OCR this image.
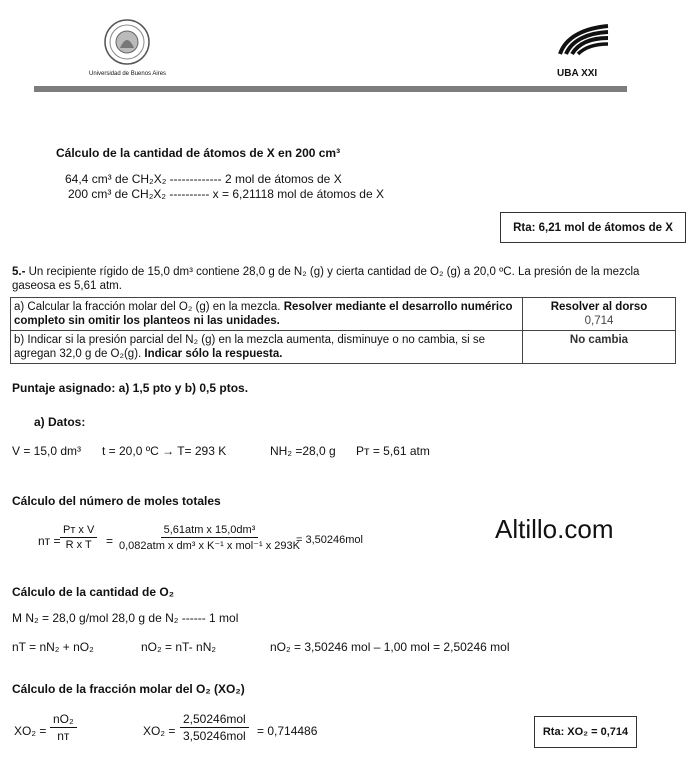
Universidad de Buenos Aires	UBA XXI
Cálculo de la cantidad de átomos de X en 200 cm³
64,4 cm³ de CH₂X₂ ------------- 2 mol de átomos de X
200 cm³ de CH₂X₂ ---------- x = 6,21118 mol de átomos de X
Rta: 6,21 mol de átomos de X
5.- Un recipiente rígido de 15,0 dm³ contiene 28,0 g de N₂ (g) y cierta cantidad de O₂ (g) a 20,0 ºC. La presión de la mezcla
gaseosa es 5,61 atm.
a) Calcular la fracción molar del O₂ (g) en la mezcla. Resolver mediante el desarrollo numérico completo sin omitir los planteos ni las unidades.	Resolver al dorso
0,714

b) Indicar si la presión parcial del N₂ (g) en la mezcla aumenta, disminuye o no cambia, si se agregan 32,0 g de O₂(g). Indicar sólo la respuesta.	No cambia
Puntaje asignado: a) 1,5 pto y b) 0,5 ptos.
a) Datos:
V = 15,0 dm³ t = 20,0 ºC → T= 293 K	NH₂ =28,0 g Pᴛ = 5,61 atm
Cálculo del número de moles totales
nᴛ = $\frac{\text{Pᴛ x V}}{\text{R x T}}$ =
5,61atm x 15,0dm³
0,082atm x dm³ x K⁻¹ x mol⁻¹ x 293K
= 3,50246mol	Altillo.com
Cálculo de la cantidad de O₂
M N₂ = 28,0 g/mol 28,0 g de N₂ ------ 1 mol
nT = nN₂ + nO₂	nO₂ = nT- nN₂	nO₂ = 3,50246 mol – 1,00 mol = 2,50246 mol
Cálculo de la fracción molar del O₂ (XO₂)
$XO_2 = \frac{\text{nO₂}}{\text{nᴛ}}$	XO₂ =
2,50246mol
3,50246mol = 0,714486	Rta: XO₂ = 0,714
